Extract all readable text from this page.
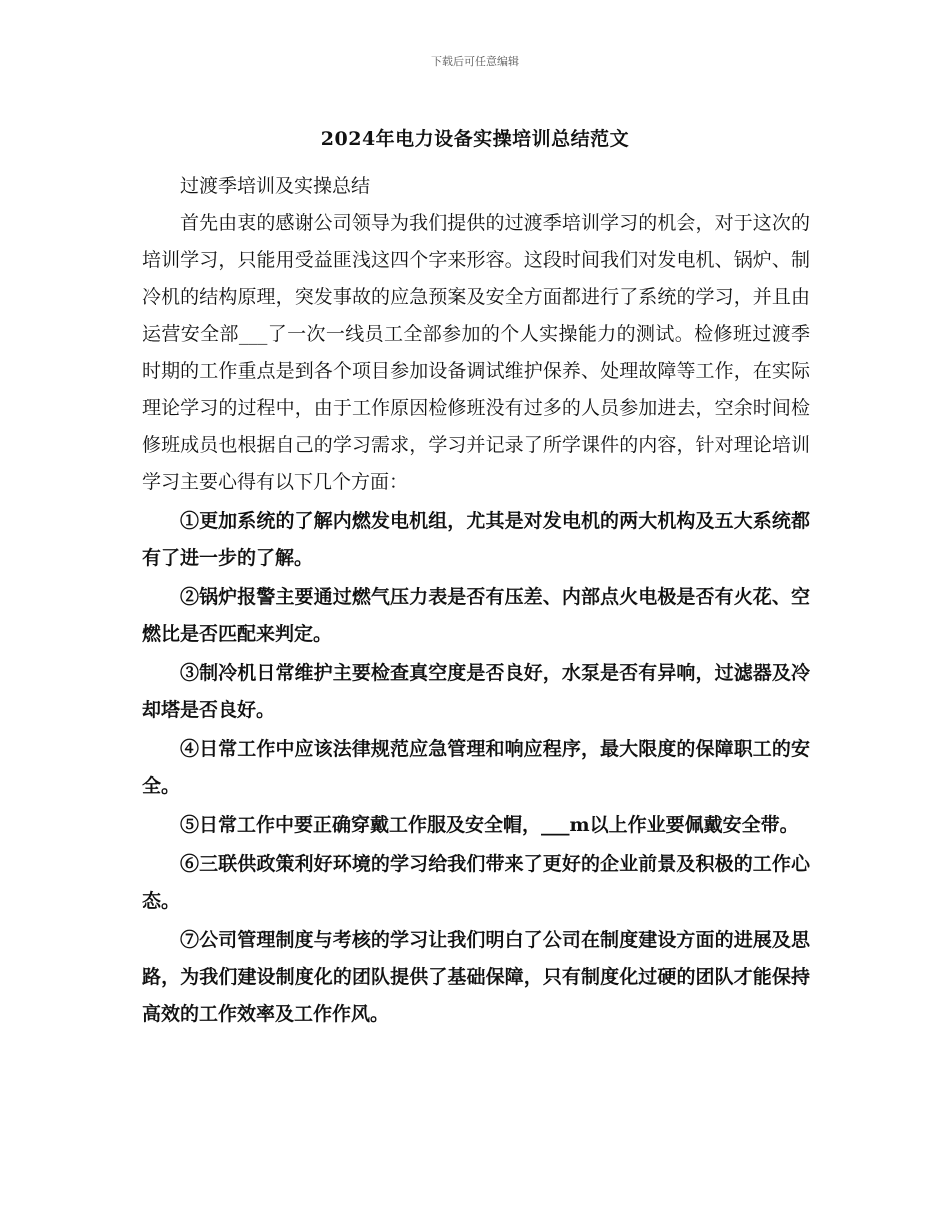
下载后可任意编辑
2024年电力设备实操培训总结范文

过渡季培训及实操总结

首先由衷的感谢公司领导为我们提供的过渡季培训学习的机会，对于这次的培训学习，只能用受益匪浅这四个字来形容。这段时间我们对发电机、锅炉、制冷机的结构原理，突发事故的应急预案及安全方面都进行了系统的学习，并且由运营安全部___了一次一线员工全部参加的个人实操能力的测试。检修班过渡季时期的工作重点是到各个项目参加设备调试维护保养、处理故障等工作，在实际理论学习的过程中，由于工作原因检修班没有过多的人员参加进去，空余时间检修班成员也根据自己的学习需求，学习并记录了所学课件的内容，针对理论培训学习主要心得有以下几个方面：

①更加系统的了解内燃发电机组，尤其是对发电机的两大机构及五大系统都有了进一步的了解。

②锅炉报警主要通过燃气压力表是否有压差、内部点火电极是否有火花、空燃比是否匹配来判定。

③制冷机日常维护主要检查真空度是否良好，水泵是否有异响，过滤器及冷却塔是否良好。

④日常工作中应该法律规范应急管理和响应程序，最大限度的保障职工的安全。

⑤日常工作中要正确穿戴工作服及安全帽，___m以上作业要佩戴安全带。

⑥三联供政策利好环境的学习给我们带来了更好的企业前景及积极的工作心态。

⑦公司管理制度与考核的学习让我们明白了公司在制度建设方面的进展及思路，为我们建设制度化的团队提供了基础保障，只有制度化过硬的团队才能保持高效的工作效率及工作作风。
